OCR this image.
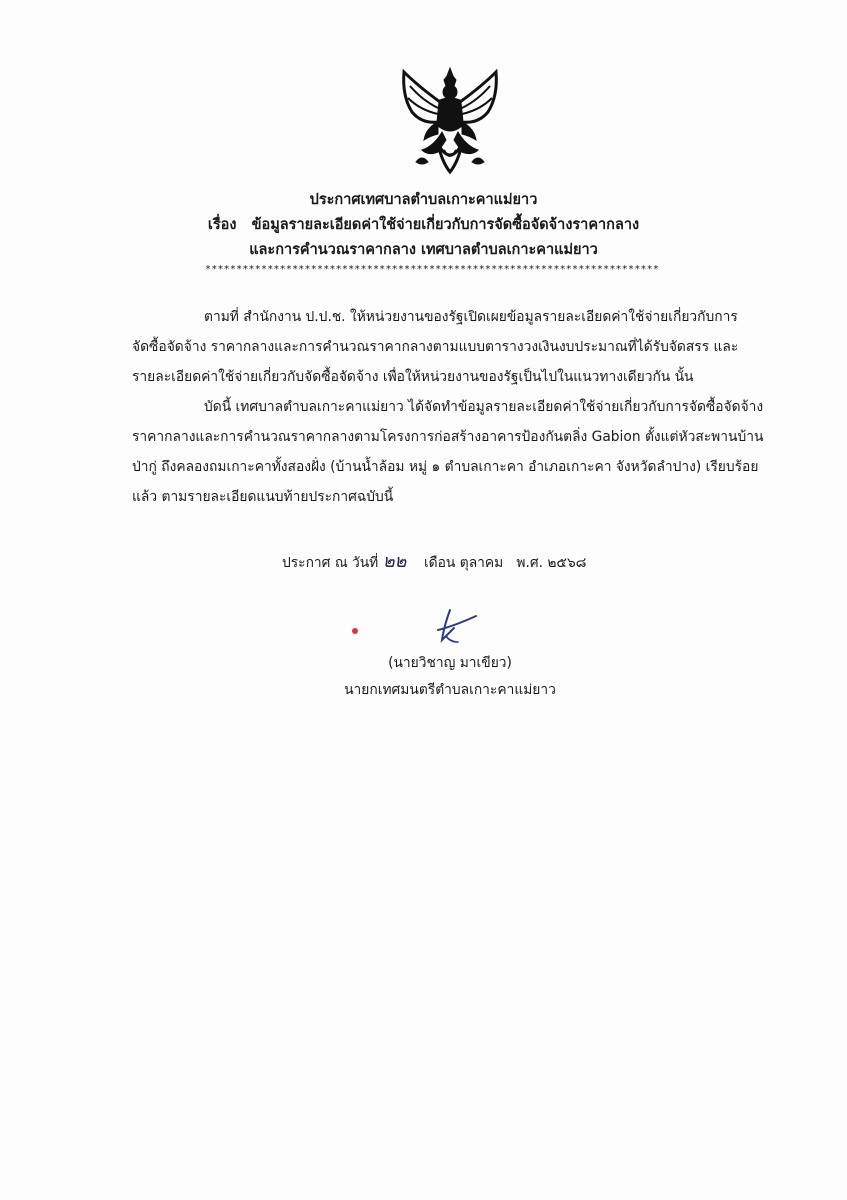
ประกาศเทศบาลตำบลเกาะคาแม่ยาว
เรื่อง   ข้อมูลรายละเอียดค่าใช้จ่ายเกี่ยวกับการจัดซื้อจัดจ้างราคากลาง
และการคำนวณราคากลาง เทศบาลตำบลเกาะคาแม่ยาว
*************************************************************************
ตามที่ สำนักงาน ป.ป.ช. ให้หน่วยงานของรัฐเปิดเผยข้อมูลรายละเอียดค่าใช้จ่ายเกี่ยวกับการ
จัดซื้อจัดจ้าง ราคากลางและการคำนวณราคากลางตามแบบตารางวงเงินงบประมาณที่ได้รับจัดสรร และ
รายละเอียดค่าใช้จ่ายเกี่ยวกับจัดซื้อจัดจ้าง เพื่อให้หน่วยงานของรัฐเป็นไปในแนวทางเดียวกัน นั้น
บัดนี้ เทศบาลตำบลเกาะคาแม่ยาว ได้จัดทำข้อมูลรายละเอียดค่าใช้จ่ายเกี่ยวกับการจัดซื้อจัดจ้าง
ราคากลางและการคำนวณราคากลางตามโครงการก่อสร้างอาคารป้องกันตลิ่ง Gabion ตั้งแต่หัวสะพานบ้าน
ป่ากู่ ถึงคลองถมเกาะคาทั้งสองฝั่ง (บ้านน้ำล้อม หมู่ ๑ ตำบลเกาะคา อำเภอเกาะคา จังหวัดลำปาง) เรียบร้อย
แล้ว ตามรายละเอียดแนบท้ายประกาศฉบับนี้
ประกาศ ณ วันที่ ๒๒ เดือน ตุลาคม พ.ศ. ๒๕๖๘
(นายวิชาญ มาเขียว)
นายกเทศมนตรีตำบลเกาะคาแม่ยาว
